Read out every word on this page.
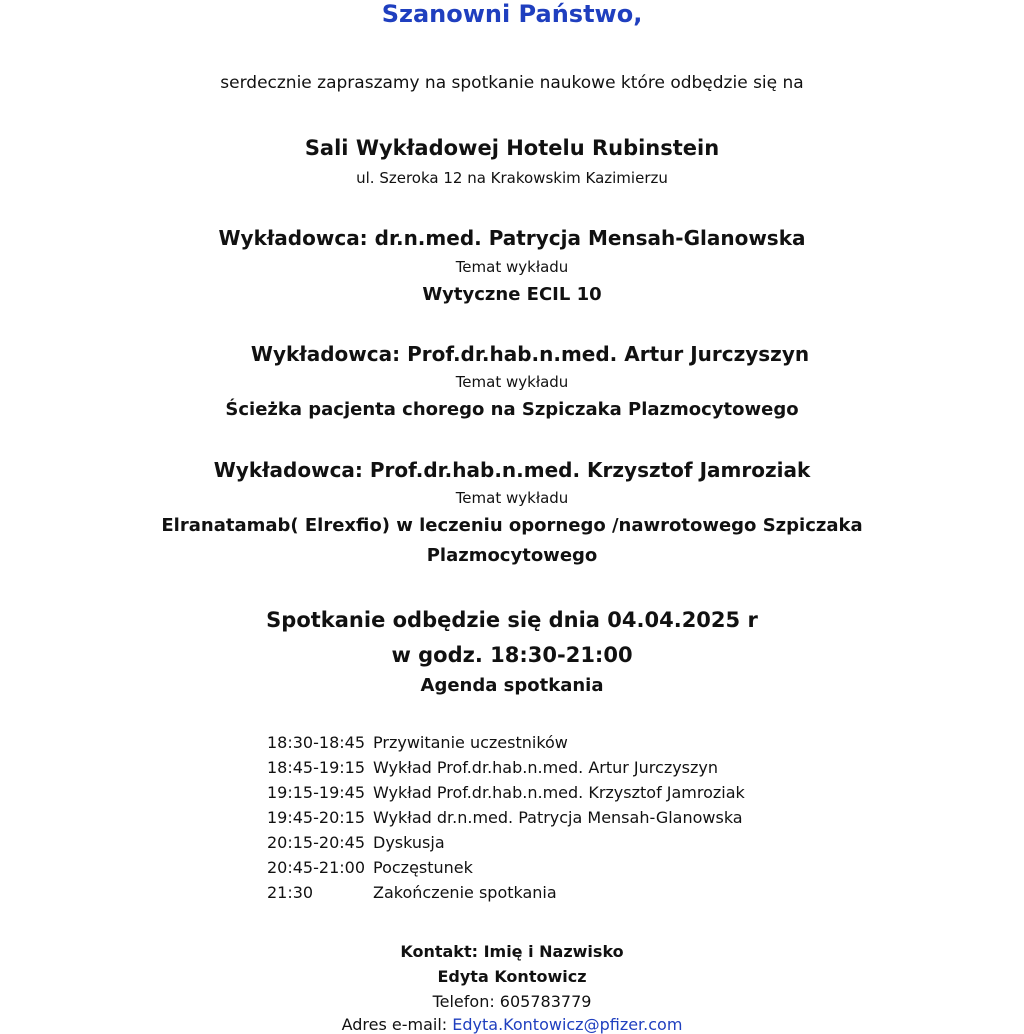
Szanowni Państwo,
serdecznie zapraszamy na spotkanie naukowe które odbędzie się na
Sali Wykładowej Hotelu Rubinstein
ul. Szeroka 12 na Krakowskim Kazimierzu
Wykładowca: dr.n.med. Patrycja Mensah-Glanowska
Temat wykładu
Wytyczne ECIL 10
Wykładowca: Prof.dr.hab.n.med. Artur Jurczyszyn
Temat wykładu
Ścieżka pacjenta chorego na Szpiczaka Plazmocytowego
Wykładowca: Prof.dr.hab.n.med. Krzysztof Jamroziak
Temat wykładu
Elranatamab( Elrexfio) w leczeniu opornego /nawrotowego Szpiczaka
Plazmocytowego
Spotkanie odbędzie się dnia 04.04.2025 r
w godz. 18:30-21:00
Agenda spotkania
18:30-18:45 Przywitanie uczestników
18:45-19:15 Wykład Prof.dr.hab.n.med. Artur Jurczyszyn
19:15-19:45 Wykład Prof.dr.hab.n.med. Krzysztof Jamroziak
19:45-20:15 Wykład dr.n.med. Patrycja Mensah-Glanowska
20:15-20:45 Dyskusja
20:45-21:00 Poczęstunek
21:30	Zakończenie spotkania
Kontakt: Imię i Nazwisko
Edyta Kontowicz
Telefon: 605783779
Adres e-mail: Edyta.Kontowicz@pfizer.com
